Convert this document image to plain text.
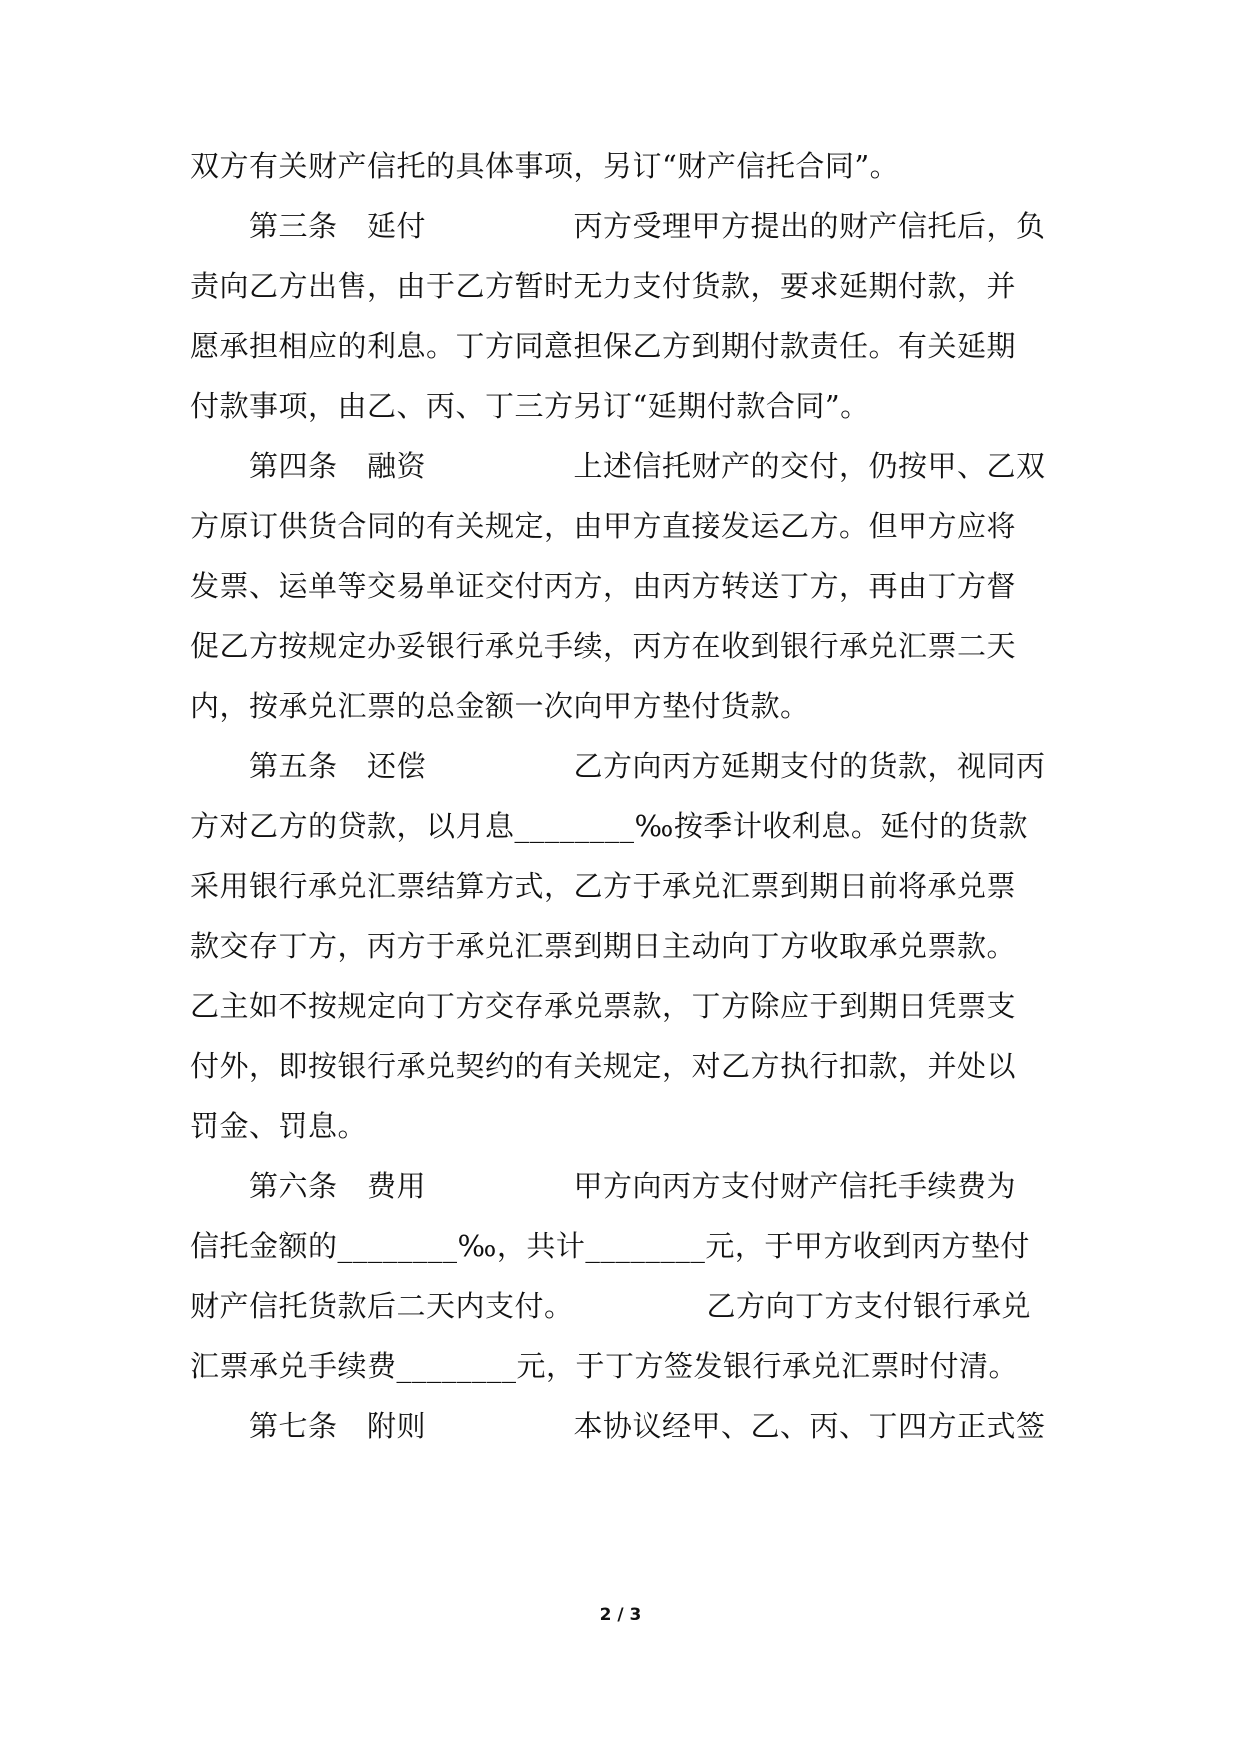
双方有关财产信托的具体事项，另订“财产信托合同”。
　　第三条　延付　　　　　丙方受理甲方提出的财产信托后，负
责向乙方出售，由于乙方暂时无力支付货款，要求延期付款，并
愿承担相应的利息。丁方同意担保乙方到期付款责任。有关延期
付款事项，由乙、丙、丁三方另订“延期付款合同”。
　　第四条　融资　　　　　上述信托财产的交付，仍按甲、乙双
方原订供货合同的有关规定，由甲方直接发运乙方。但甲方应将
发票、运单等交易单证交付丙方，由丙方转送丁方，再由丁方督
促乙方按规定办妥银行承兑手续，丙方在收到银行承兑汇票二天
内，按承兑汇票的总金额一次向甲方垫付货款。
　　第五条　还偿　　　　　乙方向丙方延期支付的货款，视同丙
方对乙方的贷款，以月息________‰按季计收利息。延付的货款
采用银行承兑汇票结算方式，乙方于承兑汇票到期日前将承兑票
款交存丁方，丙方于承兑汇票到期日主动向丁方收取承兑票款。
乙主如不按规定向丁方交存承兑票款，丁方除应于到期日凭票支
付外，即按银行承兑契约的有关规定，对乙方执行扣款，并处以
罚金、罚息。
　　第六条　费用　　　　　甲方向丙方支付财产信托手续费为
信托金额的________‰，共计________元，于甲方收到丙方垫付
财产信托货款后二天内支付。　　　　　乙方向丁方支付银行承兑
汇票承兑手续费________元，于丁方签发银行承兑汇票时付清。
　　第七条　附则　　　　　本协议经甲、乙、丙、丁四方正式签
2 / 3
